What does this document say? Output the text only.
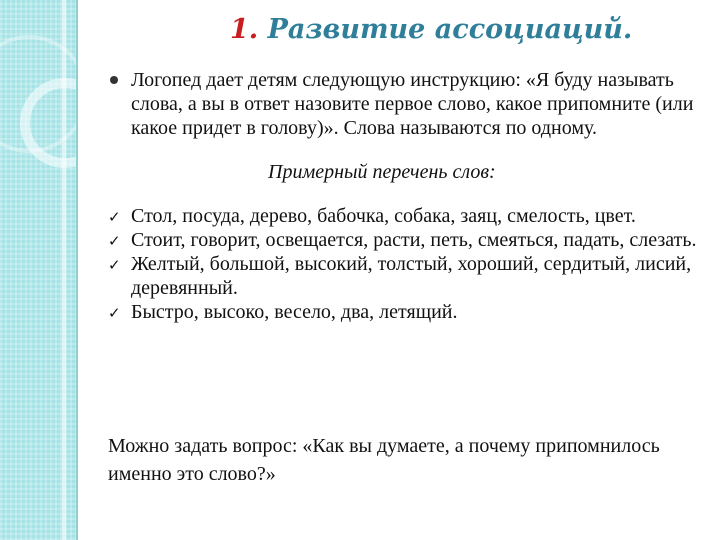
1. Развитие ассоциаций.

Логопед дает детям следующую инструкцию: «Я буду называть слова, а вы в ответ назовите первое слово, какое припомните (или какое придет в голову)». Слова называются по одному.

Примерный перечень слов:

✓ Стол, посуда, дерево, бабочка, собака, заяц, смелость, цвет.

✓ Стоит, говорит, освещается, расти, петь, смеяться, падать, слезать.

✓ Желтый, большой, высокий, толстый, хороший, сердитый, лисий, деревянный.

✓ Быстро, высоко, весело, два, летящий.

Можно задать вопрос: «Как вы думаете, а почему припомнилось именно это слово?»
